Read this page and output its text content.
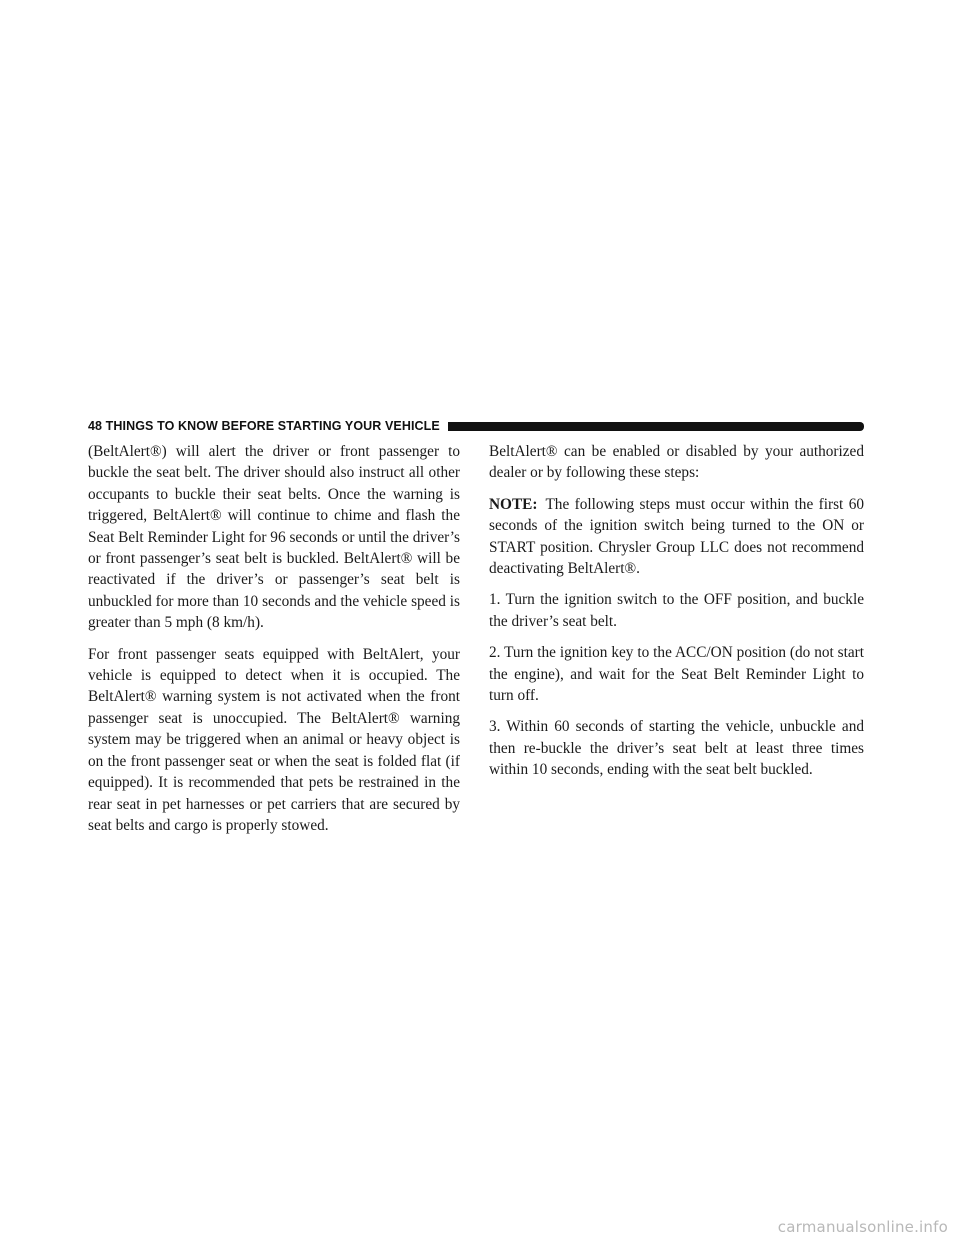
48 THINGS TO KNOW BEFORE STARTING YOUR VEHICLE

(BeltAlert®) will alert the driver or front passenger to buckle the seat belt. The driver should also instruct all other occupants to buckle their seat belts. Once the warning is triggered, BeltAlert® will continue to chime and flash the Seat Belt Reminder Light for 96 seconds or until the driver’s or front passenger’s seat belt is buckled. BeltAlert® will be reactivated if the driver’s or passenger’s seat belt is unbuckled for more than 10 seconds and the vehicle speed is greater than 5 mph (8 km/h).

For front passenger seats equipped with BeltAlert, your vehicle is equipped to detect when it is occupied. The BeltAlert® warning system is not activated when the front passenger seat is unoccupied. The BeltAlert® warning system may be triggered when an animal or heavy object is on the front passenger seat or when the seat is folded flat (if equipped). It is recommended that pets be restrained in the rear seat in pet harnesses or pet carriers that are secured by seat belts and cargo is properly stowed.

BeltAlert® can be enabled or disabled by your authorized dealer or by following these steps:

NOTE: The following steps must occur within the first 60 seconds of the ignition switch being turned to the ON or START position. Chrysler Group LLC does not recommend deactivating BeltAlert®.

1. Turn the ignition switch to the OFF position, and buckle the driver’s seat belt.

2. Turn the ignition key to the ACC/ON position (do not start the engine), and wait for the Seat Belt Reminder Light to turn off.

3. Within 60 seconds of starting the vehicle, unbuckle and then re-buckle the driver’s seat belt at least three times within 10 seconds, ending with the seat belt buckled.

carmanualsonline.info
